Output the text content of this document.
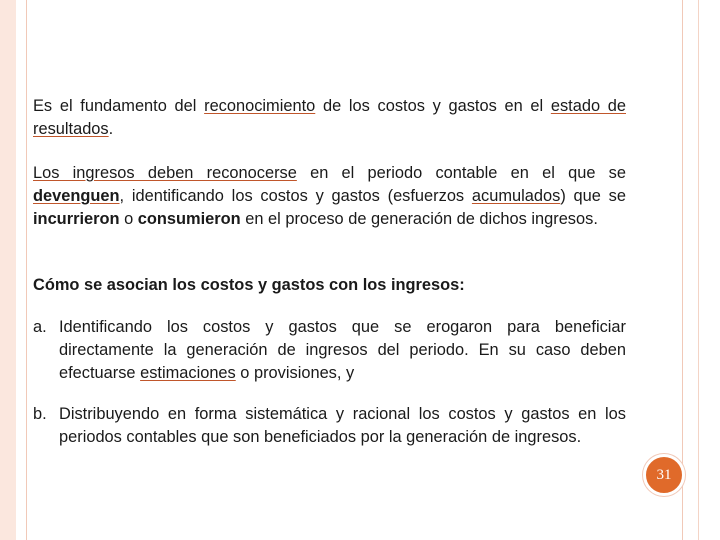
Es el fundamento del reconocimiento de los costos y gastos en el estado de resultados.

Los ingresos deben reconocerse en el periodo contable en el que se devenguen, identificando los costos y gastos (esfuerzos acumulados) que se incurrieron o consumieron en el proceso de generación de dichos ingresos.

Cómo se asocian los costos y gastos con los ingresos:

a. Identificando los costos y gastos que se erogaron para beneficiar directamente la generación de ingresos del periodo. En su caso deben efectuarse estimaciones o provisiones, y
b. Distribuyendo en forma sistemática y racional los costos y gastos en los periodos contables que son beneficiados por la generación de ingresos.
31
